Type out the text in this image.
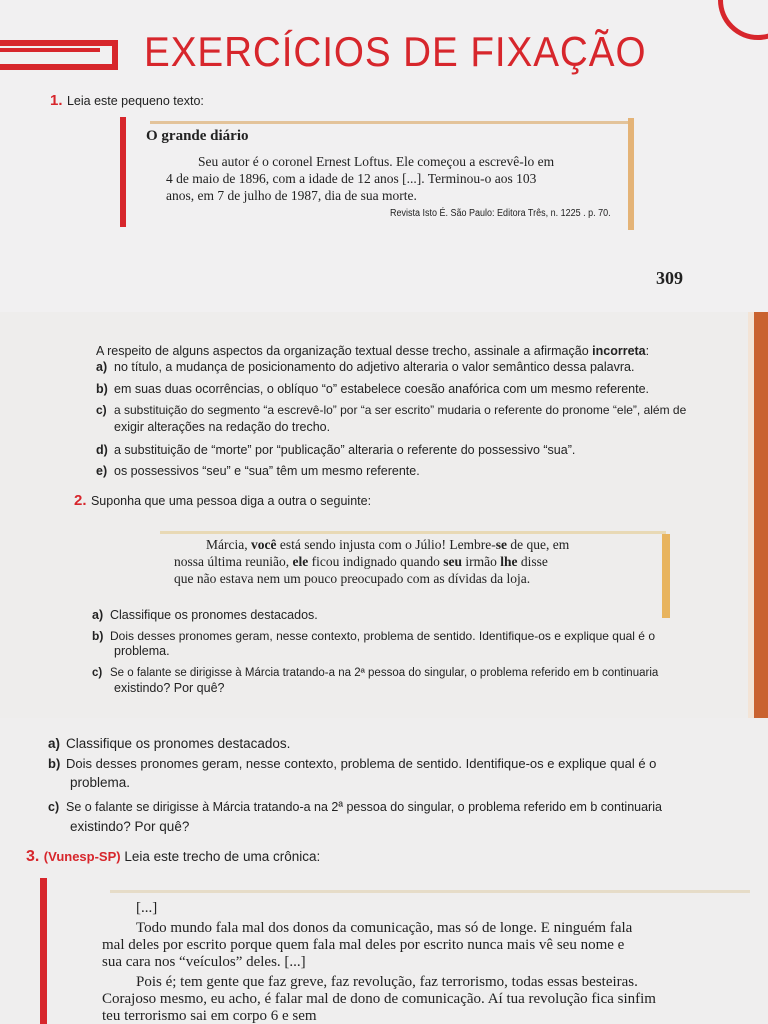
EXERCÍCIOS DE FIXAÇÃO
1. Leia este pequeno texto:
O grande diário
Seu autor é o coronel Ernest Loftus. Ele começou a escrevê-lo em
4 de maio de 1896, com a idade de 12 anos [...]. Terminou-o aos 103
anos, em 7 de julho de 1987, dia de sua morte.
Revista Isto É. São Paulo: Editora Três, n. 1225 . p. 70.
309
A respeito de alguns aspectos da organização textual desse trecho, assinale a afirmação incorreta:
a) no título, a mudança de posicionamento do adjetivo alteraria o valor semântico dessa palavra.
b) em suas duas ocorrências, o oblíquo “o” estabelece coesão anafórica com um mesmo referente.
c) a substituição do segmento “a escrevê-lo” por “a ser escrito” mudaria o referente do pronome “ele”, além de
exigir alterações na redação do trecho.
d) a substituição de “morte” por “publicação” alteraria o referente do possessivo “sua”.
e) os possessivos “seu” e “sua” têm um mesmo referente.
2. Suponha que uma pessoa diga a outra o seguinte:
Márcia, você está sendo injusta com o Júlio! Lembre-se de que, em
nossa última reunião, ele ficou indignado quando seu irmão lhe disse
que não estava nem um pouco preocupado com as dívidas da loja.
a) Classifique os pronomes destacados.
b) Dois desses pronomes geram, nesse contexto, problema de sentido. Identifique-os e explique qual é o
problema.
c) Se o falante se dirigisse à Márcia tratando-a na 2ª pessoa do singular, o problema referido em b continuaria
existindo? Por quê?
a) Classifique os pronomes destacados.
b) Dois desses pronomes geram, nesse contexto, problema de sentido. Identifique-os e explique qual é o
problema.
c) Se o falante se dirigisse à Márcia tratando-a na 2ª pessoa do singular, o problema referido em b continuaria
existindo? Por quê?
3. (Vunesp-SP) Leia este trecho de uma crônica:
[...]
Todo mundo fala mal dos donos da comunicação, mas só de longe. E ninguém fala
mal deles por escrito porque quem fala mal deles por escrito nunca mais vê seu nome e
sua cara nos “veículos” deles. [...]
Pois é; tem gente que faz greve, faz revolução, faz terrorismo, todas essas besteiras.
Corajoso mesmo, eu acho, é falar mal de dono de comunicação. Aí tua revolução fica sinfim
teu terrorismo sai em corpo 6 e sem
